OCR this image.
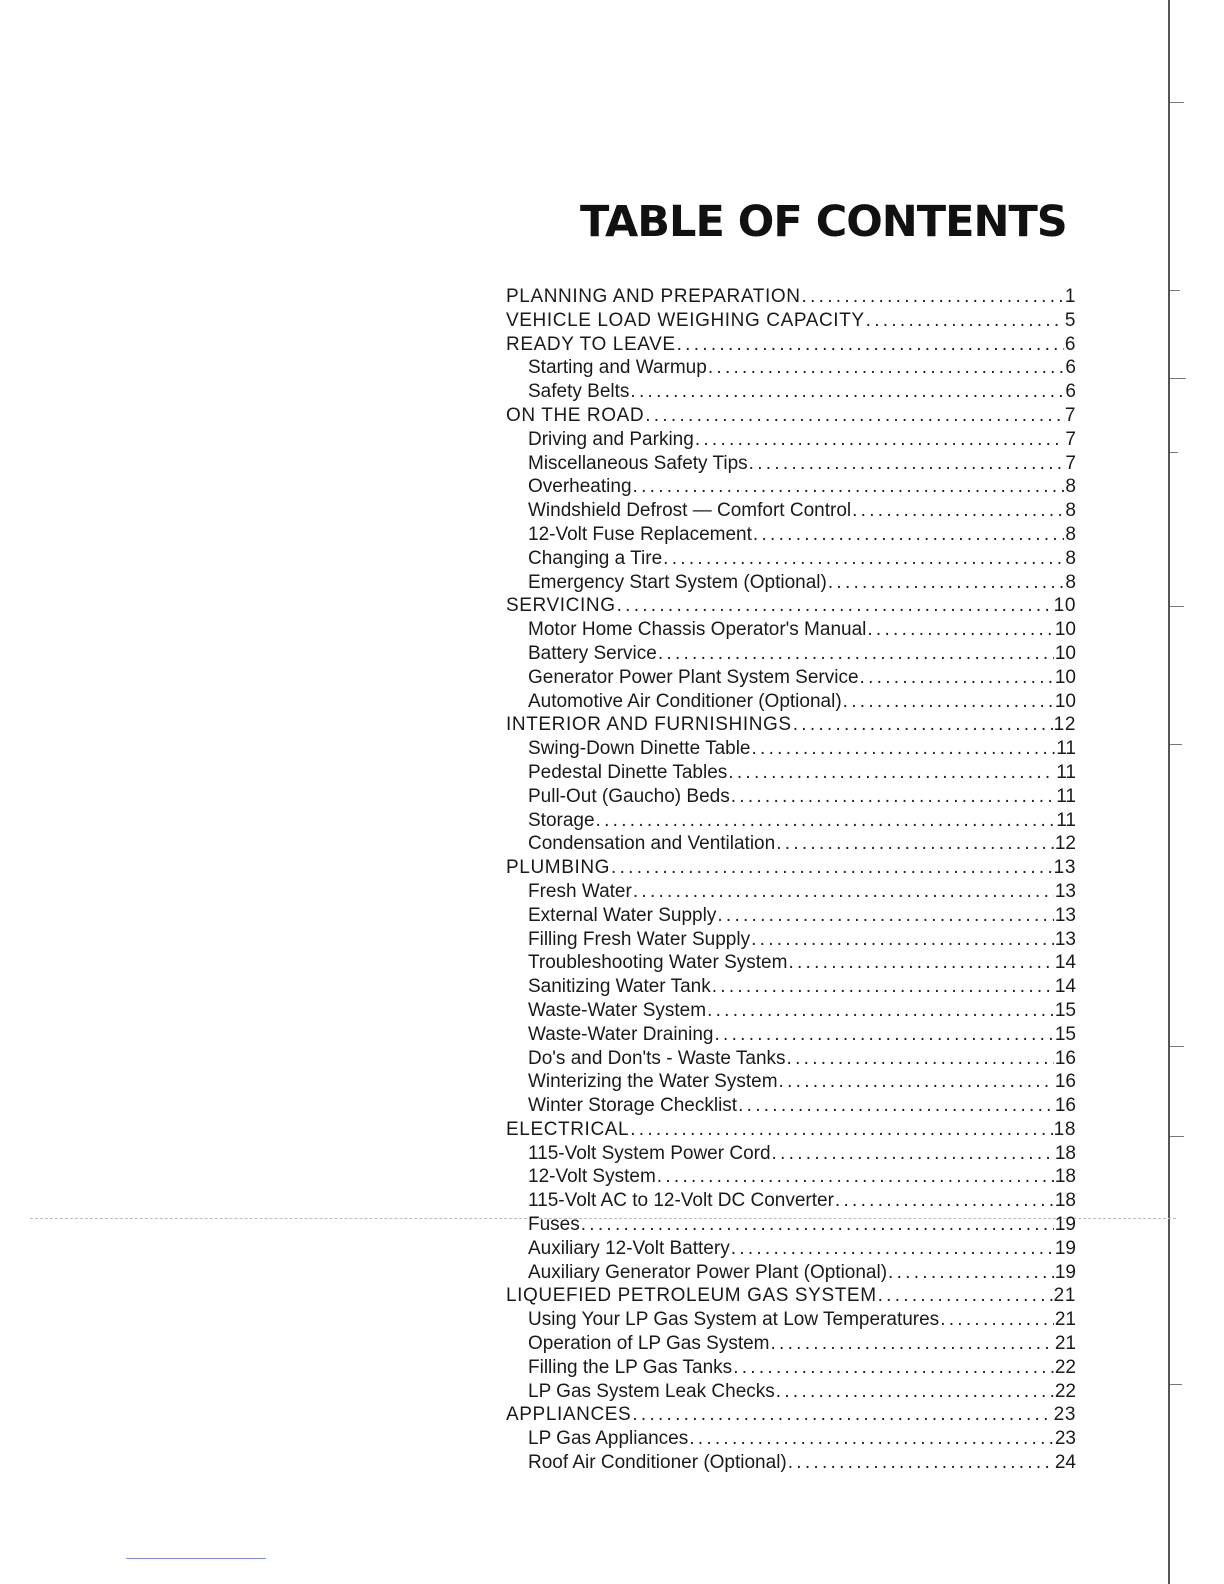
TABLE OF CONTENTS
PLANNING AND PREPARATION . . .	1
VEHICLE LOAD WEIGHING CAPACITY . . .	5
READY TO LEAVE . . .	6
Starting and Warmup . . .	6
Safety Belts . . .	6
ON THE ROAD . . .	7
Driving and Parking . . .	7
Miscellaneous Safety Tips . . .	7
Overheating . . .	8
Windshield Defrost — Comfort Control . . .	8
12-Volt Fuse Replacement . . .	8
Changing a Tire . . .	8
Emergency Start System (Optional) . . .	8
SERVICING . . .	10
Motor Home Chassis Operator's Manual . . .	10
Battery Service . . .	10
Generator Power Plant System Service . . .	10
Automotive Air Conditioner (Optional) . . .	10
INTERIOR AND FURNISHINGS . . .	12
Swing-Down Dinette Table . . .	11
Pedestal Dinette Tables . . .	11
Pull-Out (Gaucho) Beds . . .	11
Storage . . .	11
Condensation and Ventilation . . .	12
PLUMBING . . .	13
Fresh Water . . .	13
External Water Supply . . .	13
Filling Fresh Water Supply . . .	13
Troubleshooting Water System . . .	14
Sanitizing Water Tank . . .	14
Waste-Water System . . .	15
Waste-Water Draining . . .	15
Do's and Don'ts - Waste Tanks . . .	16
Winterizing the Water System . . .	16
Winter Storage Checklist . . .	16
ELECTRICAL . . .	18
115-Volt System Power Cord . . .	18
12-Volt System . . .	18
115-Volt AC to 12-Volt DC Converter . . .	18
Fuses . . .	19
Auxiliary 12-Volt Battery . . .	19
Auxiliary Generator Power Plant (Optional) . . .	19
LIQUEFIED PETROLEUM GAS SYSTEM . . .	21
Using Your LP Gas System at Low Temperatures . . .	21
Operation of LP Gas System . . .	21
Filling the LP Gas Tanks . . .	22
LP Gas System Leak Checks . . .	22
APPLIANCES . . .	23
LP Gas Appliances . . .	23
Roof Air Conditioner (Optional) . . .	24
